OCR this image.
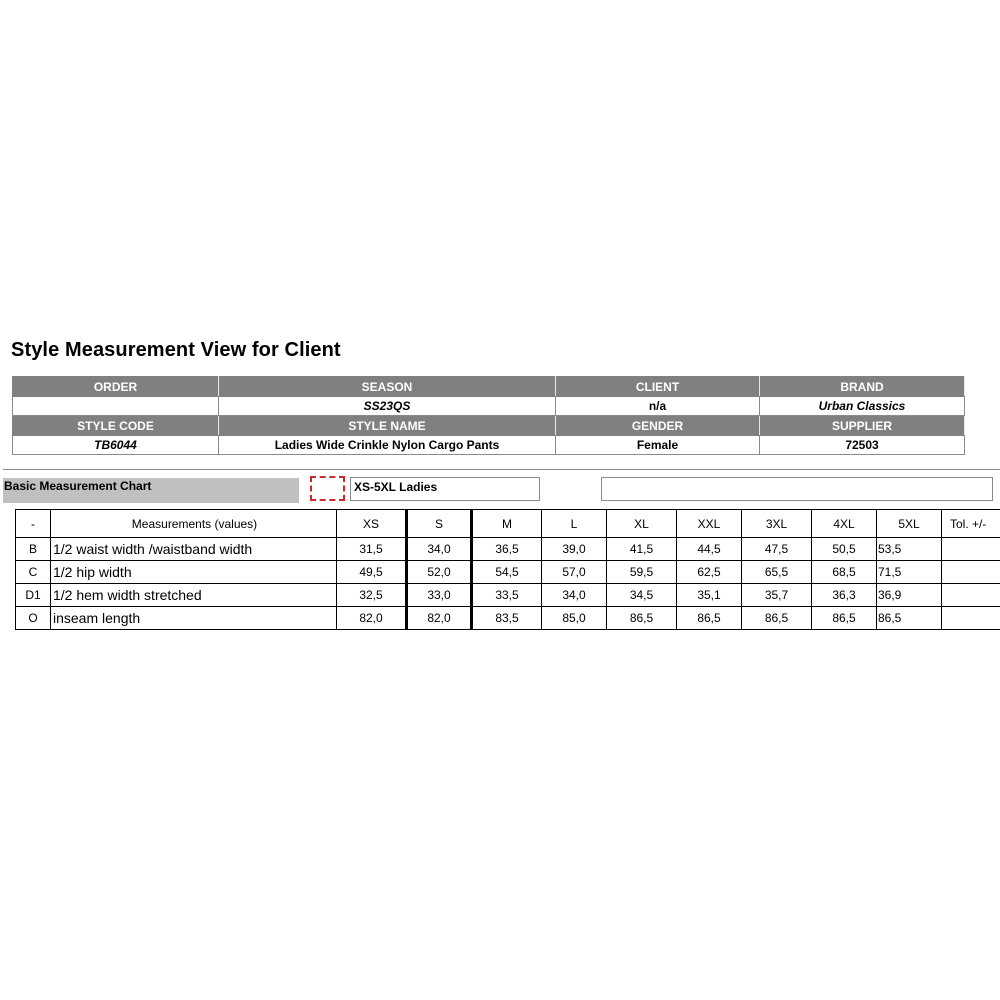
Style Measurement View for Client
ORDER	SEASON	CLIENT	BRAND
	SS23QS	n/a	Urban Classics
STYLE CODE	STYLE NAME	GENDER	SUPPLIER
TB6044	Ladies Wide Crinkle Nylon Cargo Pants	Female	72503
Basic Measurement Chart	XS-5XL Ladies
-	Measurements (values)	XS	S	M	L	XL	XXL	3XL	4XL	5XL	Tol. +/-
B	1/2 waist width /waistband width	31,5	34,0	36,5	39,0	41,5	44,5	47,5	50,5	53,5	
C	1/2 hip width	49,5	52,0	54,5	57,0	59,5	62,5	65,5	68,5	71,5	
D1	1/2 hem width stretched	32,5	33,0	33,5	34,0	34,5	35,1	35,7	36,3	36,9	
O	inseam length	82,0	82,0	83,5	85,0	86,5	86,5	86,5	86,5	86,5	
